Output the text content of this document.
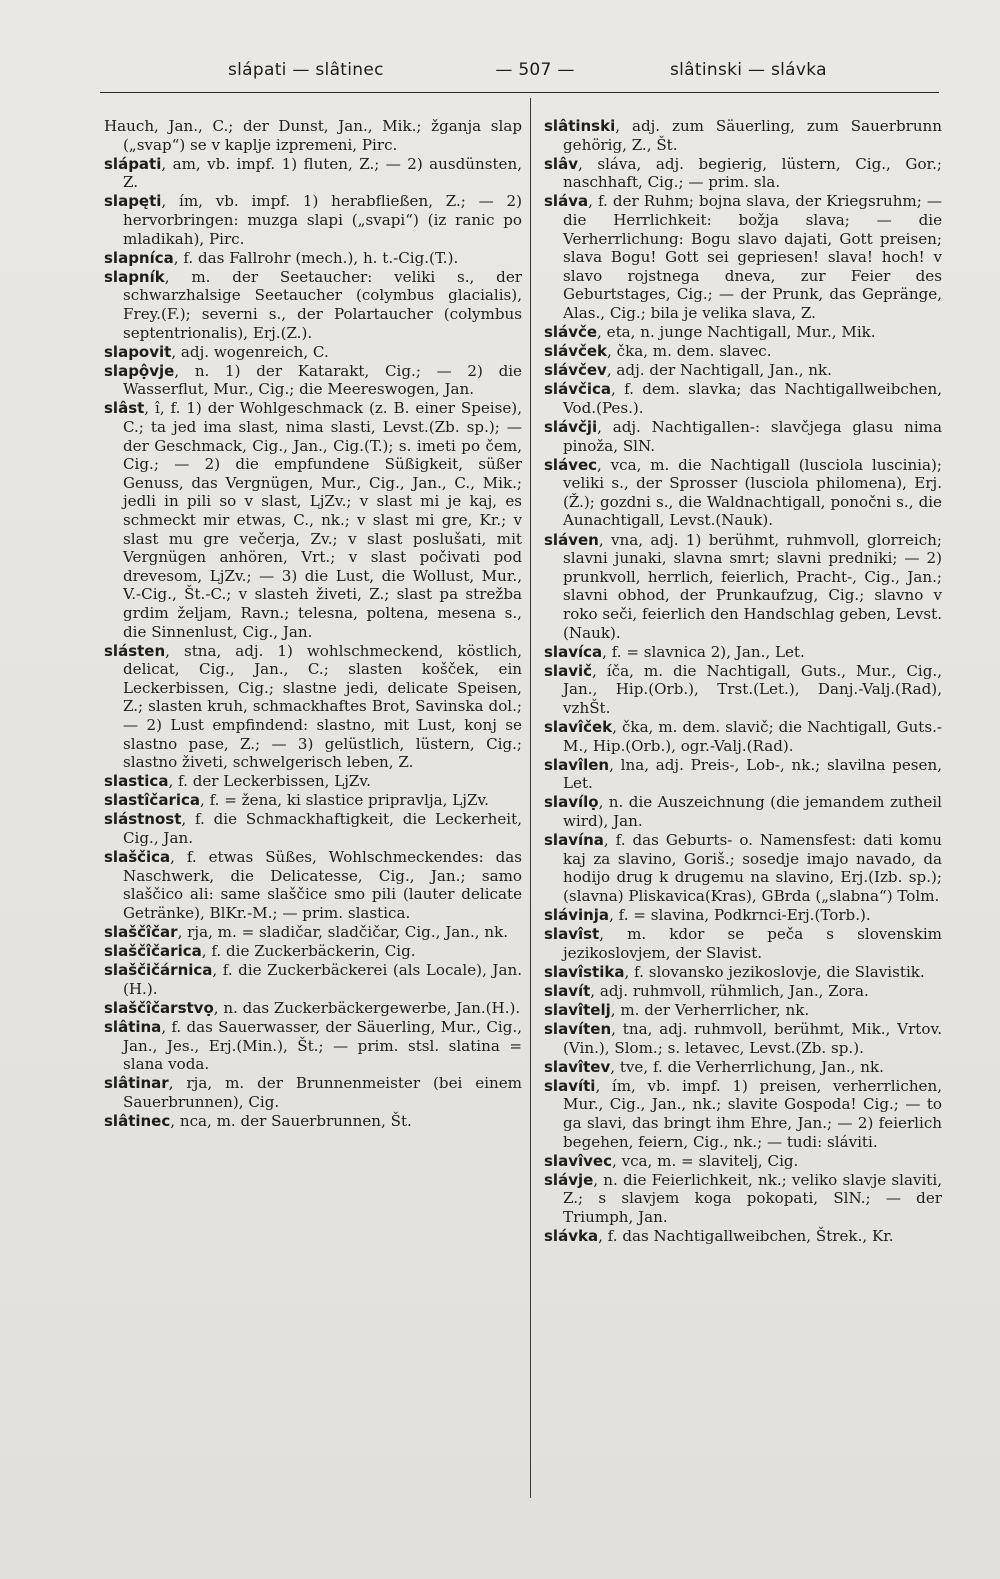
slápati — slâtinec	— 507 —	slâtinski — slávka

Hauch, Jan., C.; der Dunst, Jan., Mik.; žganja slap („svap“) se v kaplje izpremeni, Pirc.

slápati, am, vb. impf. 1) fluten, Z.; — 2) ausdünsten, Z.

slapęti, ím, vb. impf. 1) herabfließen, Z.; — 2) hervorbringen: muzga slapi („svapi“) (iz ranic po mladikah), Pirc.

slapníca, f. das Fallrohr (mech.), h. t.-Cig.(T.).

slapník, m. der Seetaucher: veliki s., der schwarzhalsige Seetaucher (colymbus glacialis), Frey.(F.); severni s., der Polartaucher (colymbus septentrionalis), Erj.(Z.).

slapovit, adj. wogenreich, C.

slapộvje, n. 1) der Katarakt, Cig.; — 2) die Wasserflut, Mur., Cig.; die Meereswogen, Jan.

slâst, î, f. 1) der Wohlgeschmack (z. B. einer Speise), C.; ta jed ima slast, nima slasti, Levst.(Zb. sp.); — der Geschmack, Cig., Jan., Cig.(T.); s. imeti po čem, Cig.; — 2) die empfundene Süßigkeit, süßer Genuss, das Vergnügen, Mur., Cig., Jan., C., Mik.; jedli in pili so v slast, LjZv.; v slast mi je kaj, es schmeckt mir etwas, C., nk.; v slast mi gre, Kr.; v slast mu gre večerja, Zv.; v slast poslušati, mit Vergnügen anhören, Vrt.; v slast počivati pod drevesom, LjZv.; — 3) die Lust, die Wollust, Mur., V.-Cig., Št.-C.; v slasteh živeti, Z.; slast pa strežba grdim željam, Ravn.; telesna, poltena, mesena s., die Sinnenlust, Cig., Jan.

slásten, stna, adj. 1) wohlschmeckend, köstlich, delicat, Cig., Jan., C.; slasten košček, ein Leckerbissen, Cig.; slastne jedi, delicate Speisen, Z.; slasten kruh, schmackhaftes Brot, Savinska dol.; — 2) Lust empfindend: slastno, mit Lust, konj se slastno pase, Z.; — 3) gelüstlich, lüstern, Cig.; slastno živeti, schwelgerisch leben, Z.

slastica, f. der Leckerbissen, LjZv.

slastîčarica, f. = žena, ki slastice pripravlja, LjZv.

slástnost, f. die Schmackhaftigkeit, die Leckerheit, Cig., Jan.

slaščica, f. etwas Süßes, Wohlschmeckendes: das Naschwerk, die Delicatesse, Cig., Jan.; samo slaščico ali: same slaščice smo pili (lauter delicate Getränke), BlKr.-M.; — prim. slastica.

slaščîčar, rja, m. = sladičar, sladčičar, Cig., Jan., nk.

slaščîčarica, f. die Zuckerbäckerin, Cig.

slaščičárnica, f. die Zuckerbäckerei (als Locale), Jan.(H.).

slaščîčarstvọ, n. das Zuckerbäckergewerbe, Jan.(H.).

slâtina, f. das Sauerwasser, der Säuerling, Mur., Cig., Jan., Jes., Erj.(Min.), Št.; — prim. stsl. slatina = slana voda.

slâtinar, rja, m. der Brunnenmeister (bei einem Sauerbrunnen), Cig.

slâtinec, nca, m. der Sauerbrunnen, Št.

slâtinski, adj. zum Säuerling, zum Sauerbrunn gehörig, Z., Št.

slâv, sláva, adj. begierig, lüstern, Cig., Gor.; naschhaft, Cig.; — prim. sla.

sláva, f. der Ruhm; bojna slava, der Kriegsruhm; — die Herrlichkeit: božja slava; — die Verherrlichung: Bogu slavo dajati, Gott preisen; slava Bogu! Gott sei gepriesen! slava! hoch! v slavo rojstnega dneva, zur Feier des Geburtstages, Cig.; — der Prunk, das Gepränge, Alas., Cig.; bila je velika slava, Z.

slávče, eta, n. junge Nachtigall, Mur., Mik.

slávček, čka, m. dem. slavec.

slávčev, adj. der Nachtigall, Jan., nk.

slávčica, f. dem. slavka; das Nachtigallweibchen, Vod.(Pes.).

slávčji, adj. Nachtigallen-: slavčjega glasu nima pinoža, SlN.

slávec, vca, m. die Nachtigall (lusciola luscinia); veliki s., der Sprosser (lusciola philomena), Erj.(Ž.); gozdni s., die Waldnachtigall, ponočni s., die Aunachtigall, Levst.(Nauk).

sláven, vna, adj. 1) berühmt, ruhmvoll, glorreich; slavni junaki, slavna smrt; slavni predniki; — 2) prunkvoll, herrlich, feierlich, Pracht-, Cig., Jan.; slavni obhod, der Prunkaufzug, Cig.; slavno v roko seči, feierlich den Handschlag geben, Levst.(Nauk).

slavíca, f. = slavnica 2), Jan., Let.

slavič, íča, m. die Nachtigall, Guts., Mur., Cig., Jan., Hip.(Orb.), Trst.(Let.), Danj.-Valj.(Rad), vzhŠt.

slavîček, čka, m. dem. slavič; die Nachtigall, Guts.-M., Hip.(Orb.), ogr.-Valj.(Rad).

slavîlen, lna, adj. Preis-, Lob-, nk.; slavilna pesen, Let.

slavílọ, n. die Auszeichnung (die jemandem zutheil wird), Jan.

slavína, f. das Geburts- o. Namensfest: dati komu kaj za slavino, Goriš.; sosedje imajo navado, da hodijo drug k drugemu na slavino, Erj.(Izb. sp.); (slavna) Pliskavica(Kras), GBrda („slabna“) Tolm.

slávinja, f. = slavina, Podkrnci-Erj.(Torb.).

slavîst, m. kdor se peča s slovenskim jezikoslovjem, der Slavist.

slavîstika, f. slovansko jezikoslovje, die Slavistik.

slavít, adj. ruhmvoll, rühmlich, Jan., Zora.

slavîtelj, m. der Verherrlicher, nk.

slavíten, tna, adj. ruhmvoll, berühmt, Mik., Vrtov.(Vin.), Slom.; s. letavec, Levst.(Zb. sp.).

slavîtev, tve, f. die Verherrlichung, Jan., nk.

slavíti, ím, vb. impf. 1) preisen, verherrlichen, Mur., Cig., Jan., nk.; slavite Gospoda! Cig.; — to ga slavi, das bringt ihm Ehre, Jan.; — 2) feierlich begehen, feiern, Cig., nk.; — tudi: sláviti.

slavîvec, vca, m. = slavitelj, Cig.

slávje, n. die Feierlichkeit, nk.; veliko slavje slaviti, Z.; s slavjem koga pokopati, SlN.; — der Triumph, Jan.

slávka, f. das Nachtigallweibchen, Štrek., Kr.
